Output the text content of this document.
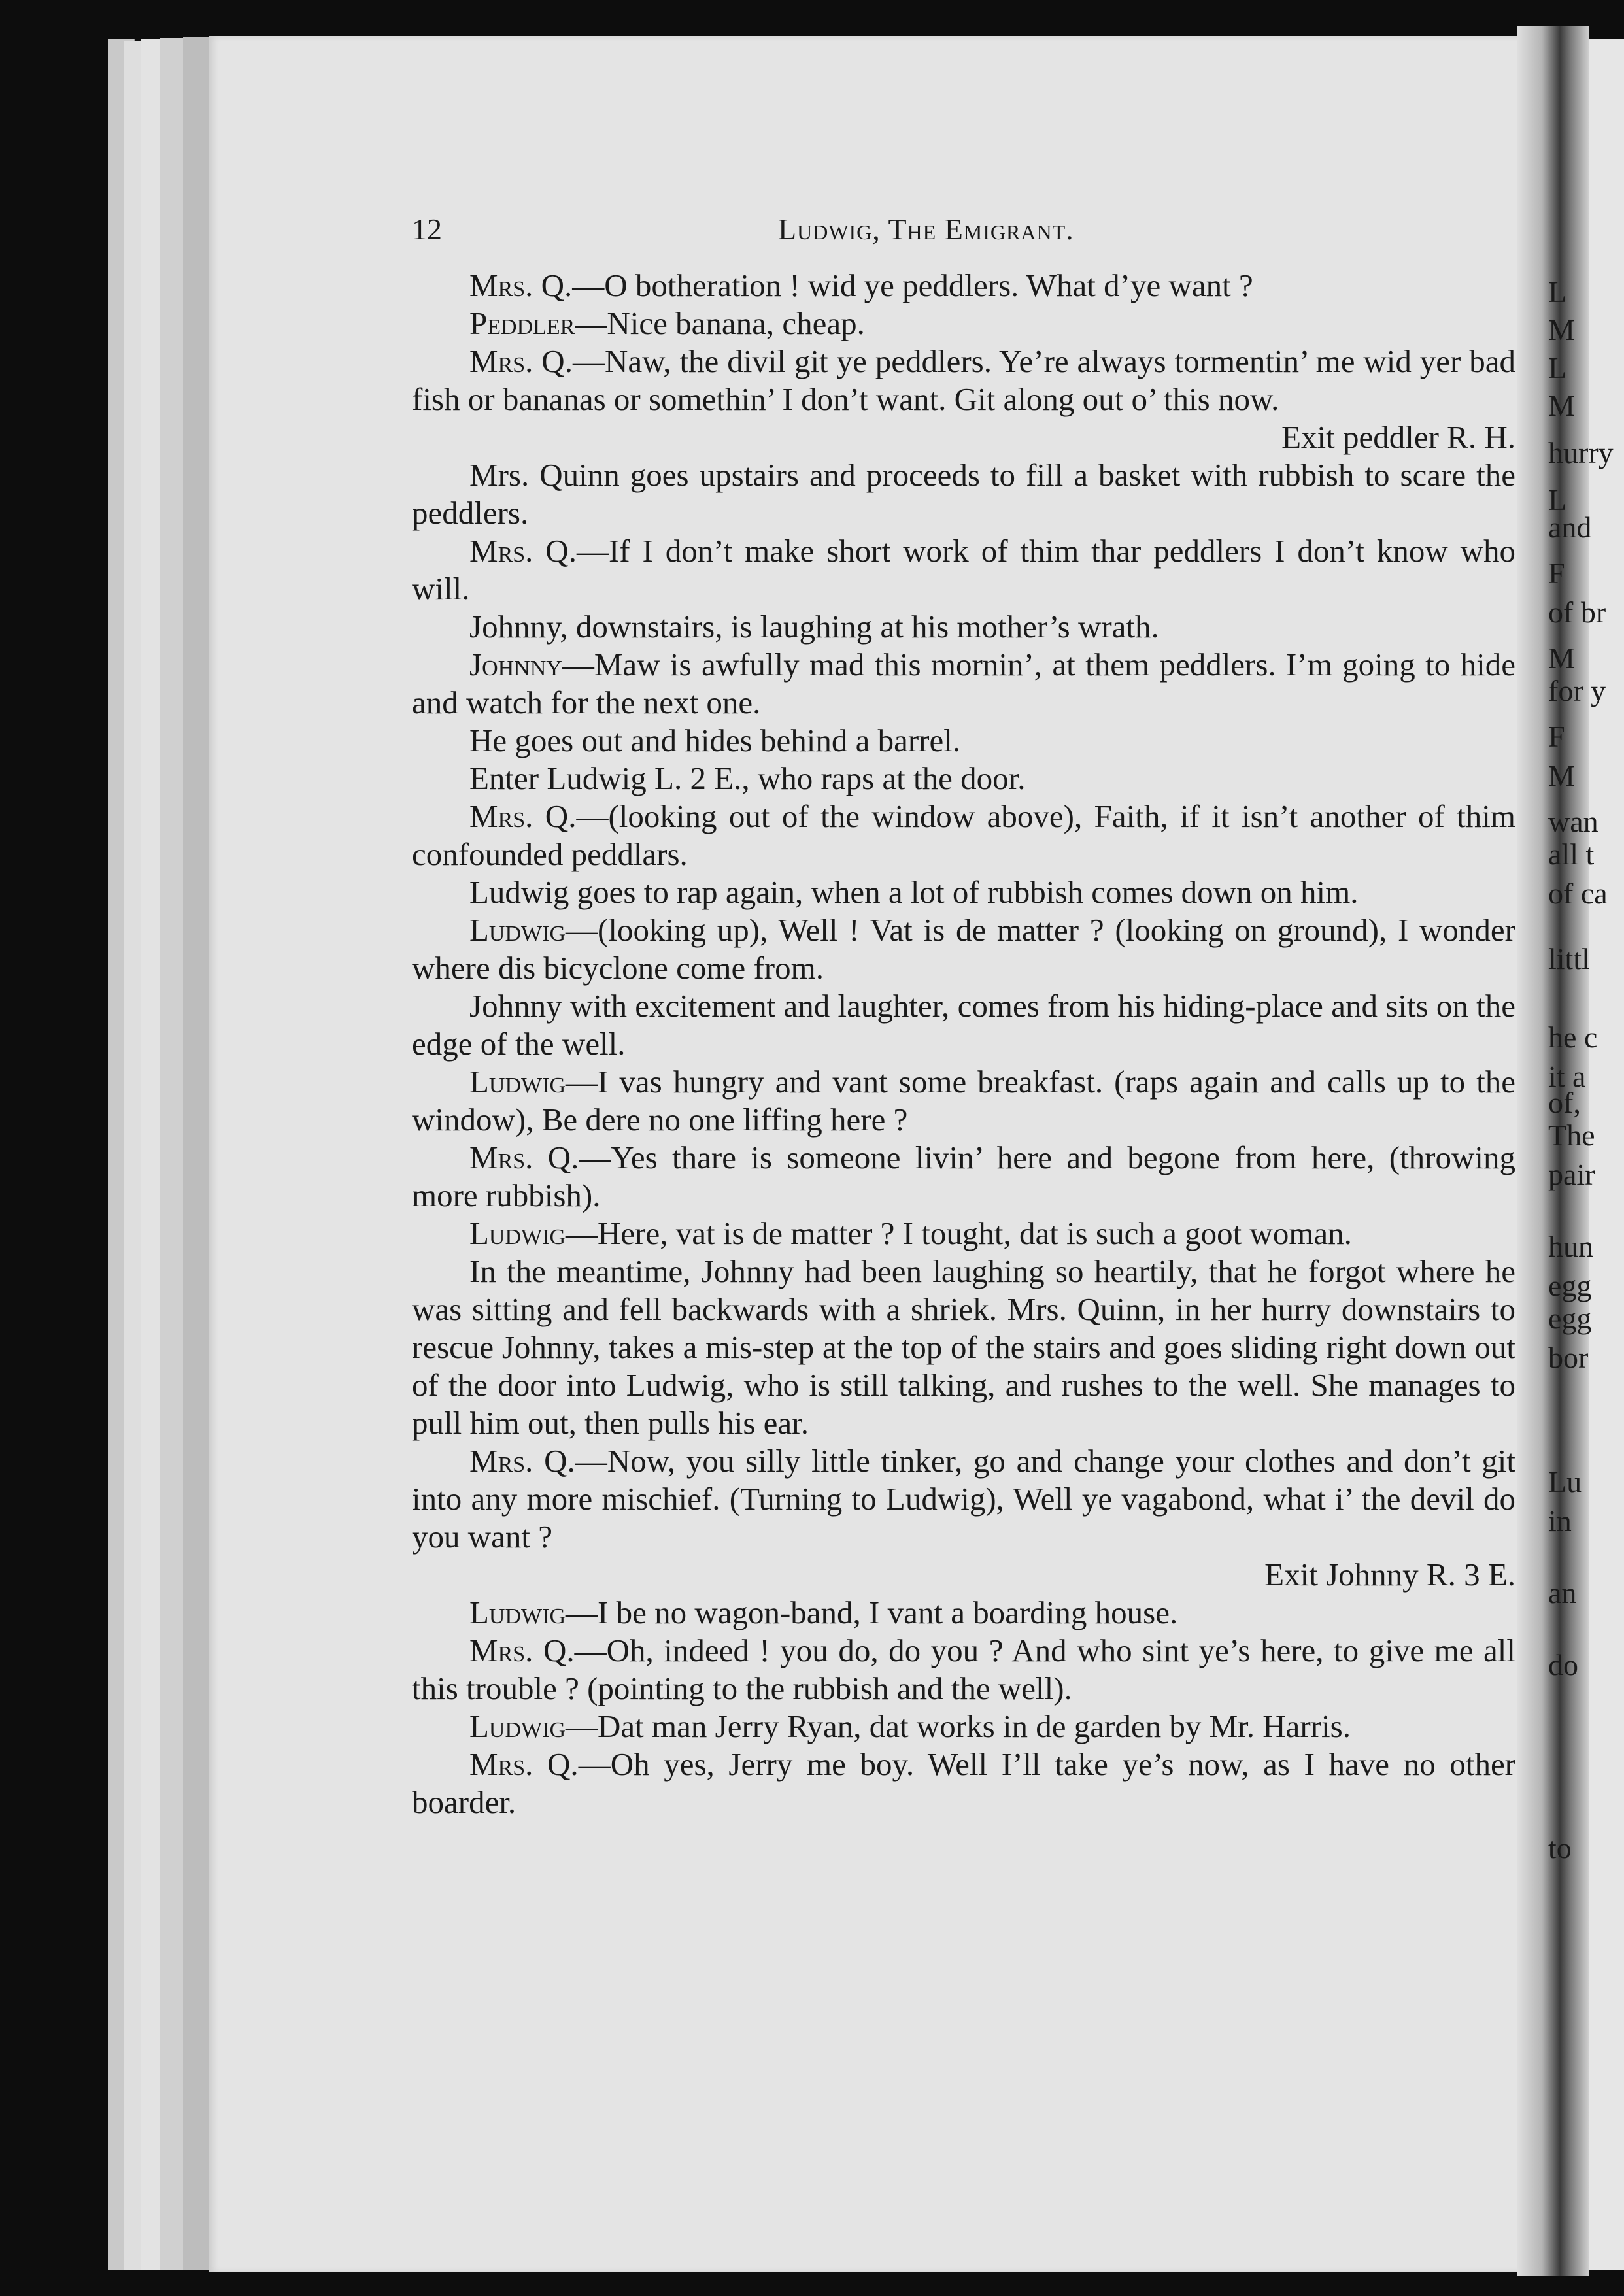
12	Ludwig, The Emigrant.

Mrs. Q.—O botheration ! wid ye peddlers. What d’ye want ?

Peddler—Nice banana, cheap.

Mrs. Q.—Naw, the divil git ye peddlers. Ye’re always tormentin’ me wid yer bad fish or bananas or somethin’ I don’t want. Git along out o’ this now.

Exit peddler R. H.

Mrs. Quinn goes upstairs and proceeds to fill a basket with rubbish to scare the peddlers.

Mrs. Q.—If I don’t make short work of thim thar peddlers I don’t know who will.

Johnny, downstairs, is laughing at his mother’s wrath.

Johnny—Maw is awfully mad this mornin’, at them peddlers. I’m going to hide and watch for the next one.

He goes out and hides behind a barrel.

Enter Ludwig L. 2 E., who raps at the door.

Mrs. Q.—(looking out of the window above), Faith, if it isn’t another of thim confounded peddlars.

Ludwig goes to rap again, when a lot of rubbish comes down on him.

Ludwig—(looking up), Well ! Vat is de matter ? (looking on ground), I wonder where dis bicyclone come from.

Johnny with excitement and laughter, comes from his hiding-place and sits on the edge of the well.

Ludwig—I vas hungry and vant some breakfast. (raps again and calls up to the window), Be dere no one liffing here ?

Mrs. Q.—Yes thare is someone livin’ here and begone from here, (throwing more rubbish).

Ludwig—Here, vat is de matter ? I tought, dat is such a goot woman.

In the meantime, Johnny had been laughing so heartily, that he forgot where he was sitting and fell backwards with a shriek. Mrs. Quinn, in her hurry downstairs to rescue Johnny, takes a mis-step at the top of the stairs and goes sliding right down out of the door into Ludwig, who is still talking, and rushes to the well. She manages to pull him out, then pulls his ear.

Mrs. Q.—Now, you silly little tinker, go and change your clothes and don’t git into any more mischief. (Turning to Ludwig), Well ye vagabond, what i’ the devil do you want ?

Exit Johnny R. 3 E.

Ludwig—I be no wagon-band, I vant a boarding house.

Mrs. Q.—Oh, indeed ! you do, do you ? And who sint ye’s here, to give me all this trouble ? (pointing to the rubbish and the well).

Ludwig—Dat man Jerry Ryan, dat works in de garden by Mr. Harris.

Mrs. Q.—Oh yes, Jerry me boy. Well I’ll take ye’s now, as I have no other boarder.

L
M
L
M
hurry
L
and
F
of br
M
for y
F
M
wan
all t
of ca
littl
he c
it a
of,
The
pair
hun
egg
egg
bor
Lu
in
an
do
to
